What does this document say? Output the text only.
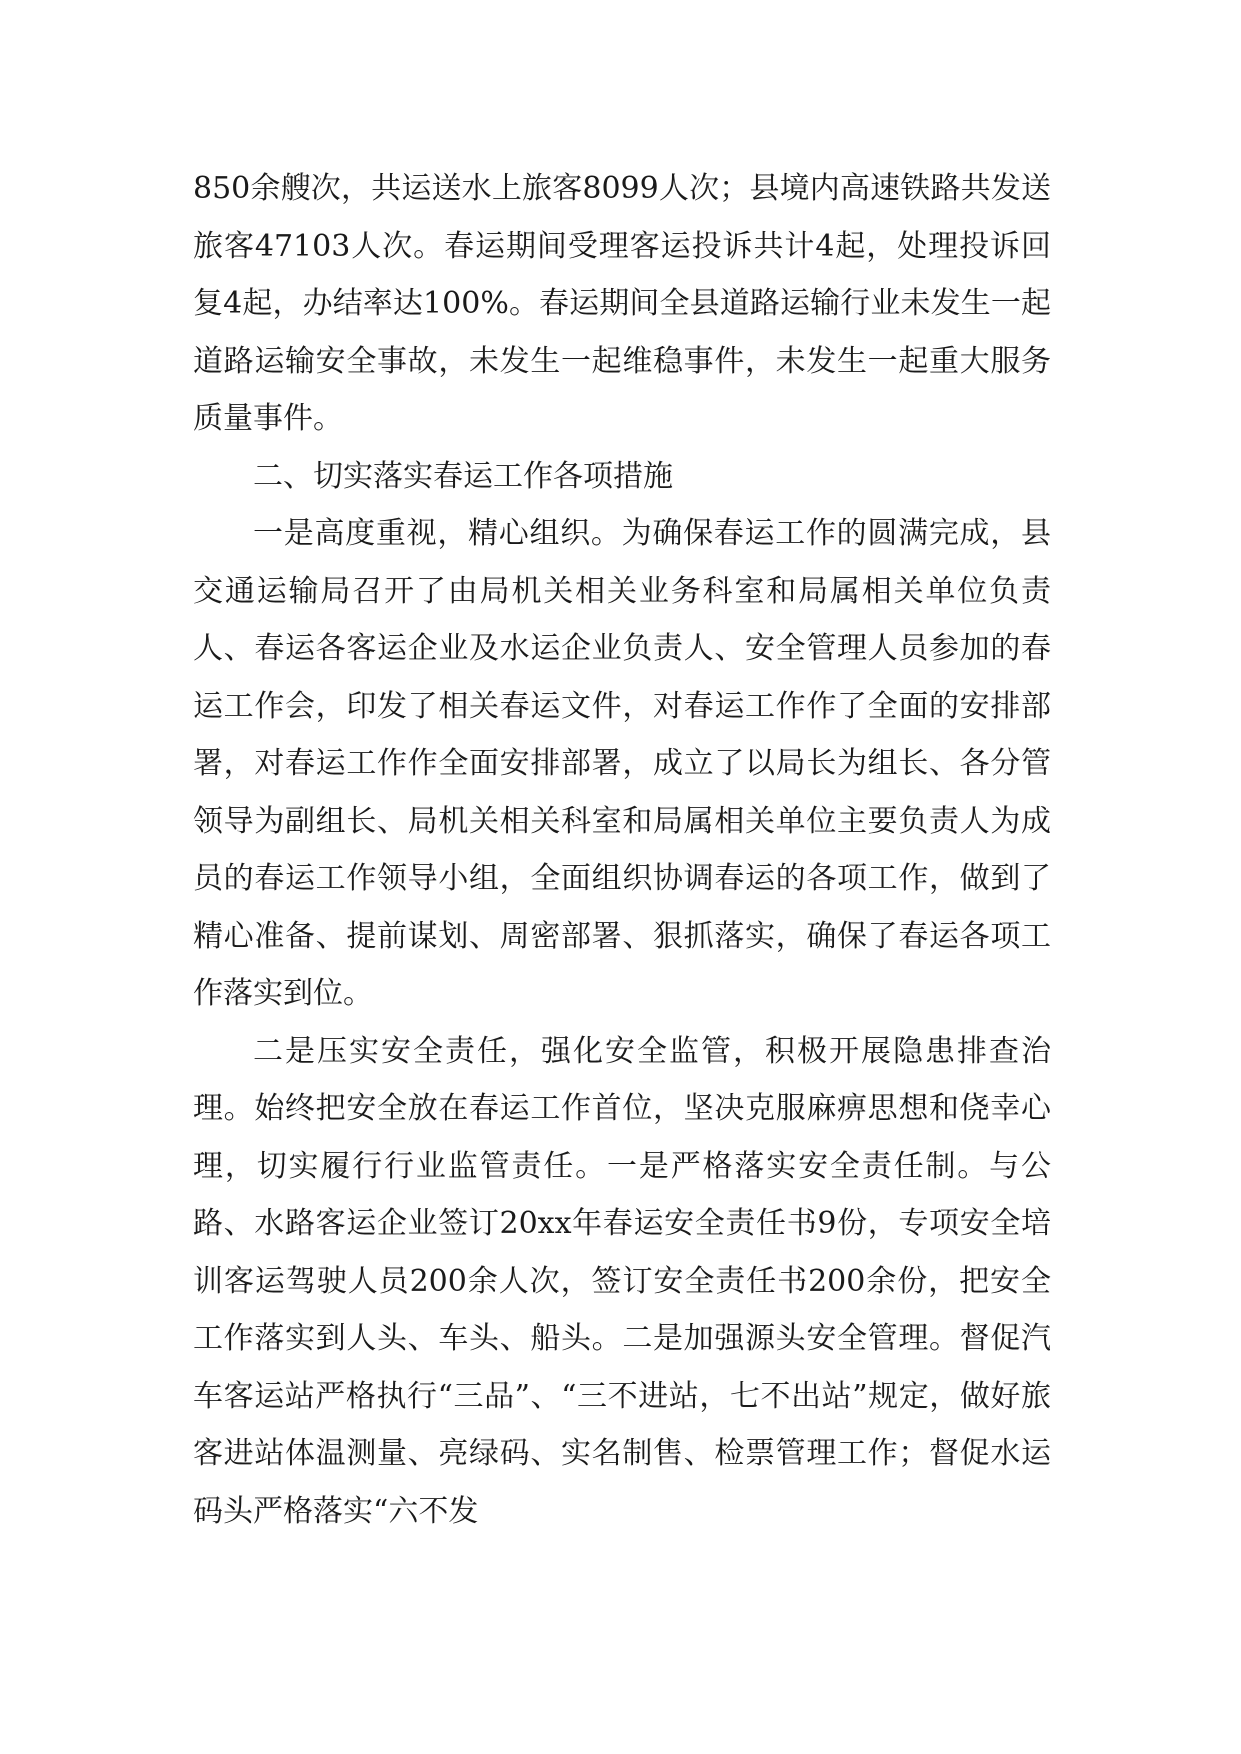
850余艘次，共运送水上旅客8099人次；县境内高速铁路共发送旅客47103人次。春运期间受理客运投诉共计4起，处理投诉回复4起，办结率达100%。春运期间全县道路运输行业未发生一起道路运输安全事故，未发生一起维稳事件，未发生一起重大服务质量事件。

二、切实落实春运工作各项措施

一是高度重视，精心组织。为确保春运工作的圆满完成，县交通运输局召开了由局机关相关业务科室和局属相关单位负责人、春运各客运企业及水运企业负责人、安全管理人员参加的春运工作会，印发了相关春运文件，对春运工作作了全面的安排部署，对春运工作作全面安排部署，成立了以局长为组长、各分管领导为副组长、局机关相关科室和局属相关单位主要负责人为成员的春运工作领导小组，全面组织协调春运的各项工作，做到了精心准备、提前谋划、周密部署、狠抓落实，确保了春运各项工作落实到位。

二是压实安全责任，强化安全监管，积极开展隐患排查治理。始终把安全放在春运工作首位，坚决克服麻痹思想和侥幸心理，切实履行行业监管责任。一是严格落实安全责任制。与公路、水路客运企业签订20xx年春运安全责任书9份，专项安全培训客运驾驶人员200余人次，签订安全责任书200余份，把安全工作落实到人头、车头、船头。二是加强源头安全管理。督促汽车客运站严格执行“三品”、“三不进站，七不出站”规定，做好旅客进站体温测量、亮绿码、实名制售、检票管理工作；督促水运码头严格落实“六不发
